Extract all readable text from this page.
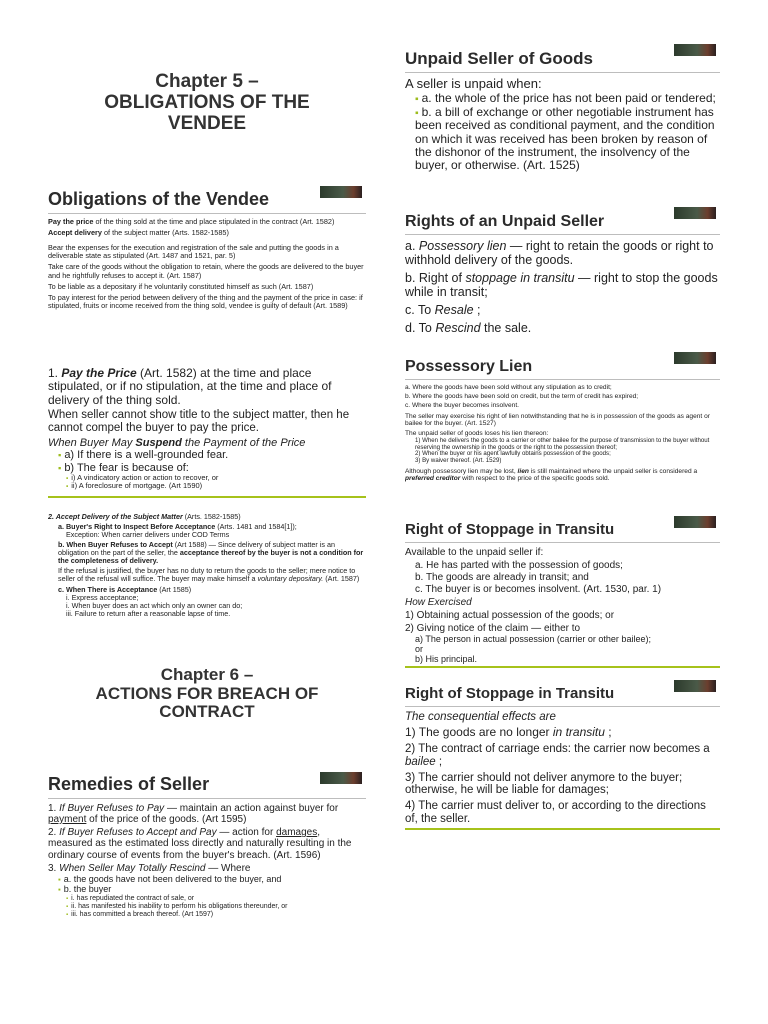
Chapter 5 –
OBLIGATIONS OF THE
VENDEE
Obligations of the Vendee
Pay the price of the thing sold at the time and place stipulated in the contract (Art. 1582)
Accept delivery of the subject matter (Arts. 1582-1585)
Bear the expenses for the execution and registration of the sale and putting the goods in a deliverable state as stipulated (Art. 1487 and 1521, par. 5)
Take care of the goods without the obligation to retain, where the goods are delivered to the buyer and he rightfully refuses to accept it. (Art. 1587)
To be liable as a depositary if he voluntarily constituted himself as such (Art. 1587)
To pay interest for the period between delivery of the thing and the payment of the price in case: if stipulated, fruits or income received from the thing sold, vendee is guilty of default (Art. 1589)
1. Pay the Price (Art. 1582) at the time and place stipulated, or if no stipulation, at the time and place of delivery of the thing sold.
When seller cannot show title to the subject matter, then he cannot compel the buyer to pay the price.
When Buyer May Suspend the Payment of the Price
▪ a) If there is a well-grounded fear.
▪ b) The fear is because of:
▪ i) A vindicatory action or action to recover, or
▪ ii) A foreclosure of mortgage. (Art 1590)
2. Accept Delivery of the Subject Matter (Arts. 1582-1585)
a. Buyer's Right to Inspect Before Acceptance (Arts. 1481 and 1584[1]);
Exception: When carrier delivers under COD Terms
b. When Buyer Refuses to Accept (Art 1588) — Since delivery of subject matter is an obligation on the part of the seller, the acceptance thereof by the buyer is not a condition for the completeness of delivery.
If the refusal is justified, the buyer has no duty to return the goods to the seller; mere notice to seller of the refusal will suffice. The buyer may make himself a voluntary depositary. (Art. 1587)
c. When There is Acceptance (Art 1585)
i. Express acceptance;
i. When buyer does an act which only an owner can do;
iii. Failure to return after a reasonable lapse of time.
Chapter 6 –
ACTIONS FOR BREACH OF
CONTRACT
Remedies of Seller
1. If Buyer Refuses to Pay — maintain an action against buyer for payment of the price of the goods. (Art 1595)
2. If Buyer Refuses to Accept and Pay — action for damages, measured as the estimated loss directly and naturally resulting in the ordinary course of events from the buyer's breach. (Art. 1596)
3. When Seller May Totally Rescind — Where
▪ a. the goods have not been delivered to the buyer, and
▪ b. the buyer
▪ i. has repudiated the contract of sale, or
▪ ii. has manifested his inability to perform his obligations thereunder, or
▪ iii. has committed a breach thereof. (Art 1597)
Unpaid Seller of Goods
A seller is unpaid when:
▪ a. the whole of the price has not been paid or tendered;
▪ b. a bill of exchange or other negotiable instrument has been received as conditional payment, and the condition on which it was received has been broken by reason of the dishonor of the instrument, the insolvency of the buyer, or otherwise. (Art. 1525)
Rights of an Unpaid Seller
a. Possessory lien — right to retain the goods or right to withhold delivery of the goods.
b. Right of stoppage in transitu — right to stop the goods while in transit;
c. To Resale ;
d. To Rescind the sale.
Possessory Lien
a. Where the goods have been sold without any stipulation as to credit;
b. Where the goods have been sold on credit, but the term of credit has expired;
c. Where the buyer becomes insolvent.
The seller may exercise his right of lien notwithstanding that he is in possession of the goods as agent or bailee for the buyer. (Art. 1527)
The unpaid seller of goods loses his lien thereon:
1) When he delivers the goods to a carrier or other bailee for the purpose of transmission to the buyer without reserving the ownership in the goods or the right to the possession thereof;
2) When the buyer or his agent lawfully obtains possession of the goods;
3) By waiver thereof. (Art. 1529)
Although possessory lien may be lost, lien is still maintained where the unpaid seller is considered a preferred creditor with respect to the price of the specific goods sold.
Right of Stoppage in Transitu
Available to the unpaid seller if:
a. He has parted with the possession of goods;
b. The goods are already in transit; and
c. The buyer is or becomes insolvent. (Art. 1530, par. 1)
How Exercised
1) Obtaining actual possession of the goods; or
2) Giving notice of the claim — either to
a) The person in actual possession (carrier or other bailee);
or
b) His principal.
Right of Stoppage in Transitu
The consequential effects are
1) The goods are no longer in transitu ;
2) The contract of carriage ends: the carrier now becomes a bailee ;
3) The carrier should not deliver anymore to the buyer; otherwise, he will be liable for damages;
4) The carrier must deliver to, or according to the directions of, the seller.
